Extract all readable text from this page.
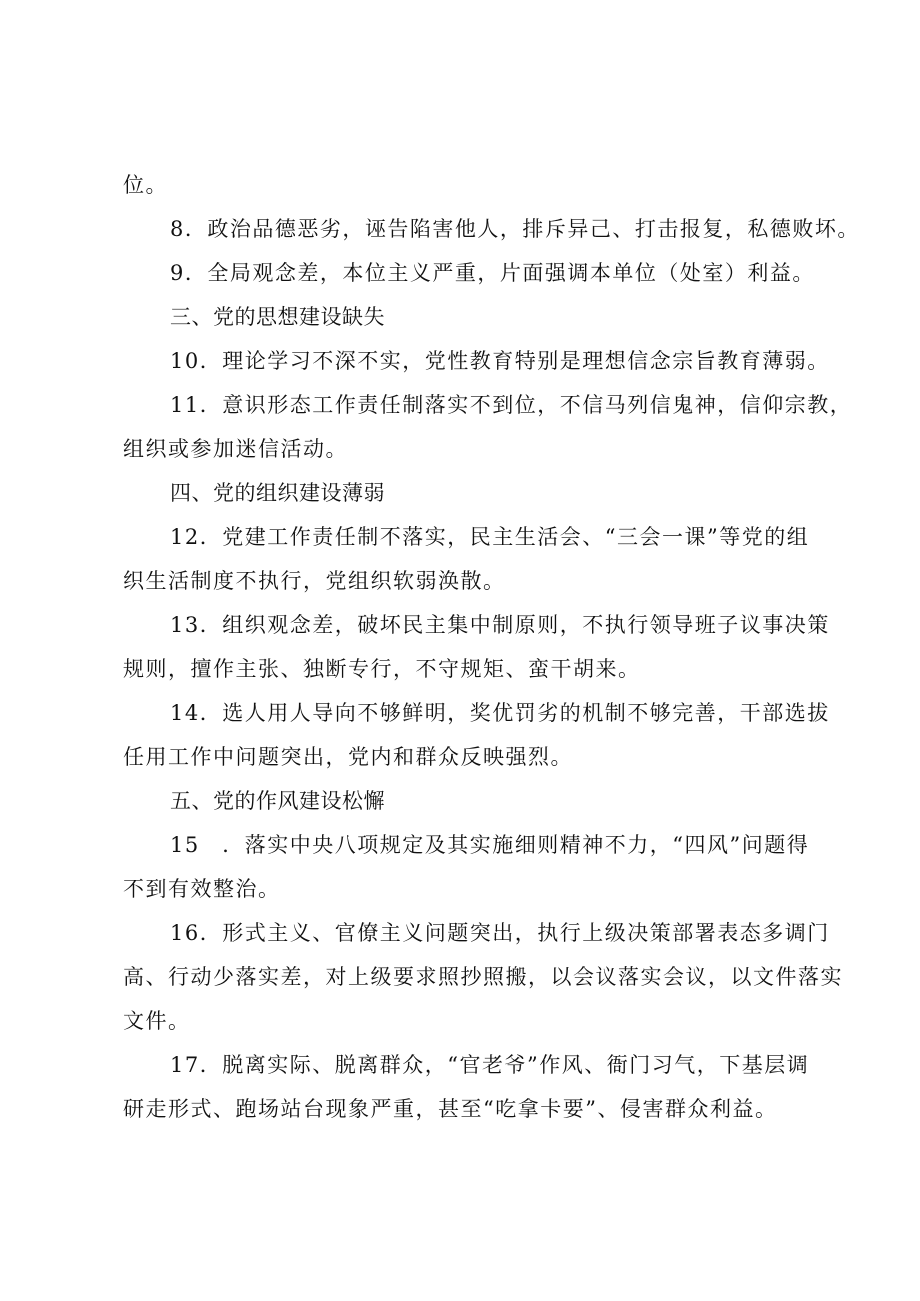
位。
8．政治品德恶劣，诬告陷害他人，排斥异己、打击报复，私德败坏。
9．全局观念差，本位主义严重，片面强调本单位（处室）利益。
三、党的思想建设缺失
10．理论学习不深不实，党性教育特别是理想信念宗旨教育薄弱。
11．意识形态工作责任制落实不到位，不信马列信鬼神，信仰宗教，
组织或参加迷信活动。
四、党的组织建设薄弱
12．党建工作责任制不落实，民主生活会、“三会一课”等党的组
织生活制度不执行，党组织软弱涣散。
13．组织观念差，破坏民主集中制原则，不执行领导班子议事决策
规则，擅作主张、独断专行，不守规矩、蛮干胡来。
14．选人用人导向不够鲜明，奖优罚劣的机制不够完善，干部选拔
任用工作中问题突出，党内和群众反映强烈。
五、党的作风建设松懈
15　．落实中央八项规定及其实施细则精神不力，“四风”问题得
不到有效整治。
16．形式主义、官僚主义问题突出，执行上级决策部署表态多调门
高、行动少落实差，对上级要求照抄照搬，以会议落实会议，以文件落实
文件。
17．脱离实际、脱离群众，“官老爷”作风、衙门习气，下基层调
研走形式、跑场站台现象严重，甚至“吃拿卡要”、侵害群众利益。
